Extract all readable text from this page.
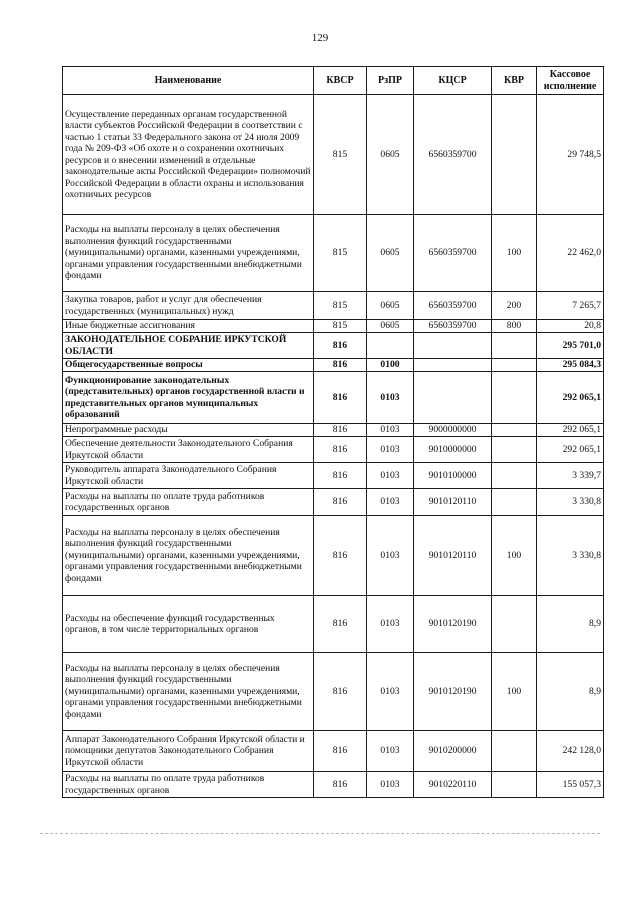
129
Наименование	КВСР	РзПР	КЦСР	КВР	Кассовое исполнение
Осуществление переданных органам государственной власти субъектов Российской Федерации в соответствии с частью 1 статьи 33 Федерального закона от 24 июля 2009 года № 209-ФЗ «Об охоте и о сохранении охотничьих ресурсов и о внесении изменений в отдельные законодательные акты Российской Федерации» полномочий Российской Федерации в области охраны и использования охотничьих ресурсов	815	0605	6560359700		29 748,5
Расходы на выплаты персоналу в целях обеспечения выполнения функций государственными (муниципальными) органами, казенными учреждениями, органами управления государственными внебюджетными фондами	815	0605	6560359700	100	22 462,0
Закупка товаров, работ и услуг для обеспечения государственных (муниципальных) нужд	815	0605	6560359700	200	7 265,7
Иные бюджетные ассигнования	815	0605	6560359700	800	20,8
ЗАКОНОДАТЕЛЬНОЕ СОБРАНИЕ ИРКУТСКОЙ ОБЛАСТИ	816				295 701,0
Общегосударственные вопросы	816	0100			295 084,3
Функционирование законодательных (представительных) органов государственной власти и представительных органов муниципальных образований	816	0103			292 065,1
Непрограммные расходы	816	0103	9000000000		292 065,1
Обеспечение деятельности Законодательного Собрания Иркутской области	816	0103	9010000000		292 065,1
Руководитель аппарата Законодательного Собрания Иркутской области	816	0103	9010100000		3 339,7
Расходы на выплаты по оплате труда работников государственных органов	816	0103	9010120110		3 330,8
Расходы на выплаты персоналу в целях обеспечения выполнения функций государственными (муниципальными) органами, казенными учреждениями, органами управления государственными внебюджетными фондами	816	0103	9010120110	100	3 330,8
Расходы на обеспечение функций государственных органов, в том числе территориальных органов	816	0103	9010120190		8,9
Расходы на выплаты персоналу в целях обеспечения выполнения функций государственными (муниципальными) органами, казенными учреждениями, органами управления государственными внебюджетными фондами	816	0103	9010120190	100	8,9
Аппарат Законодательного Собрания Иркутской области и помощники депутатов Законодательного Собрания Иркутской области	816	0103	9010200000		242 128,0
Расходы на выплаты по оплате труда работников государственных органов	816	0103	9010220110		155 057,3
